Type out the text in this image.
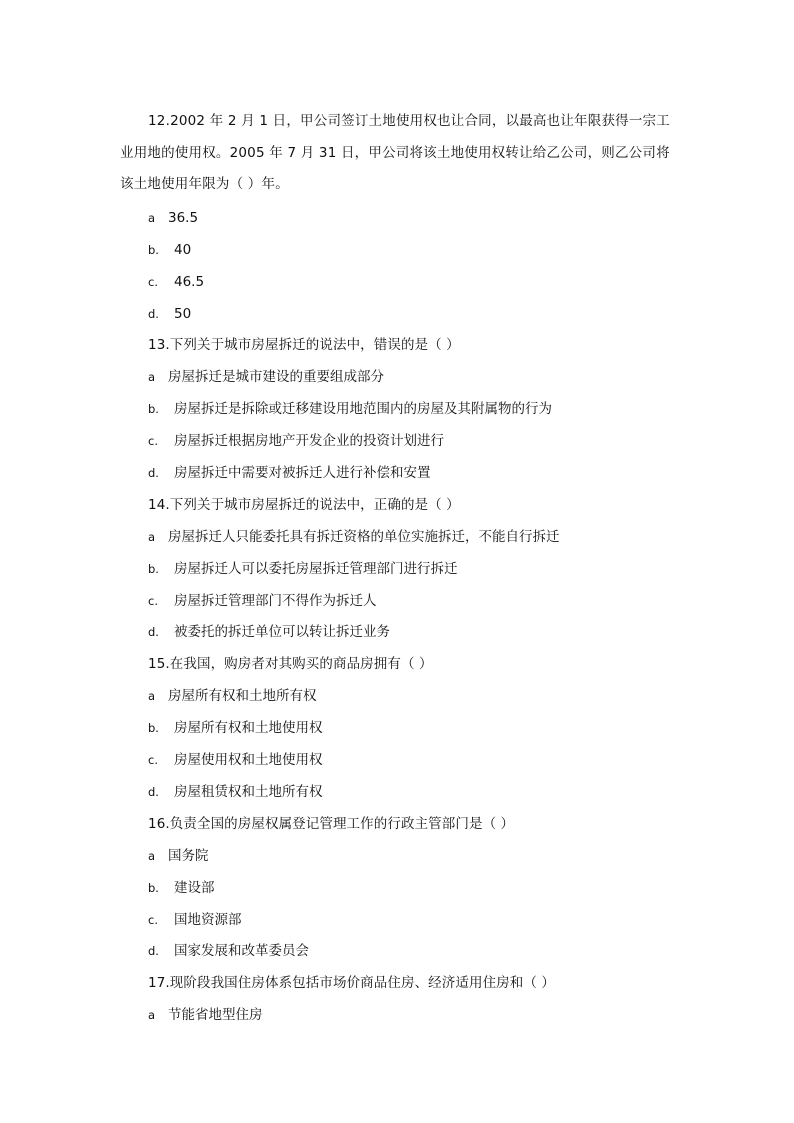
12.2002 年 2 月 1 日，甲公司签订土地使用权也让合同，以最高也让年限获得一宗工业用地的使用权。2005 年 7 月 31 日，甲公司将该土地使用权转让给乙公司，则乙公司将该土地使用年限为（ ）年。

a 36.5
b. 40
c. 46.5
d. 50
13.下列关于城市房屋拆迁的说法中，错误的是（ ）
a 房屋拆迁是城市建设的重要组成部分
b. 房屋拆迁是拆除或迁移建设用地范围内的房屋及其附属物的行为
c. 房屋拆迁根据房地产开发企业的投资计划进行
d. 房屋拆迁中需要对被拆迁人进行补偿和安置
14.下列关于城市房屋拆迁的说法中，正确的是（ ）
a 房屋拆迁人只能委托具有拆迁资格的单位实施拆迁，不能自行拆迁
b. 房屋拆迁人可以委托房屋拆迁管理部门进行拆迁
c. 房屋拆迁管理部门不得作为拆迁人
d. 被委托的拆迁单位可以转让拆迁业务
15.在我国，购房者对其购买的商品房拥有（ ）
a 房屋所有权和土地所有权
b. 房屋所有权和土地使用权
c. 房屋使用权和土地使用权
d. 房屋租赁权和土地所有权
16.负责全国的房屋权属登记管理工作的行政主管部门是（ ）
a 国务院
b. 建设部
c. 国地资源部
d. 国家发展和改革委员会
17.现阶段我国住房体系包括市场价商品住房、经济适用住房和（ ）
a 节能省地型住房
